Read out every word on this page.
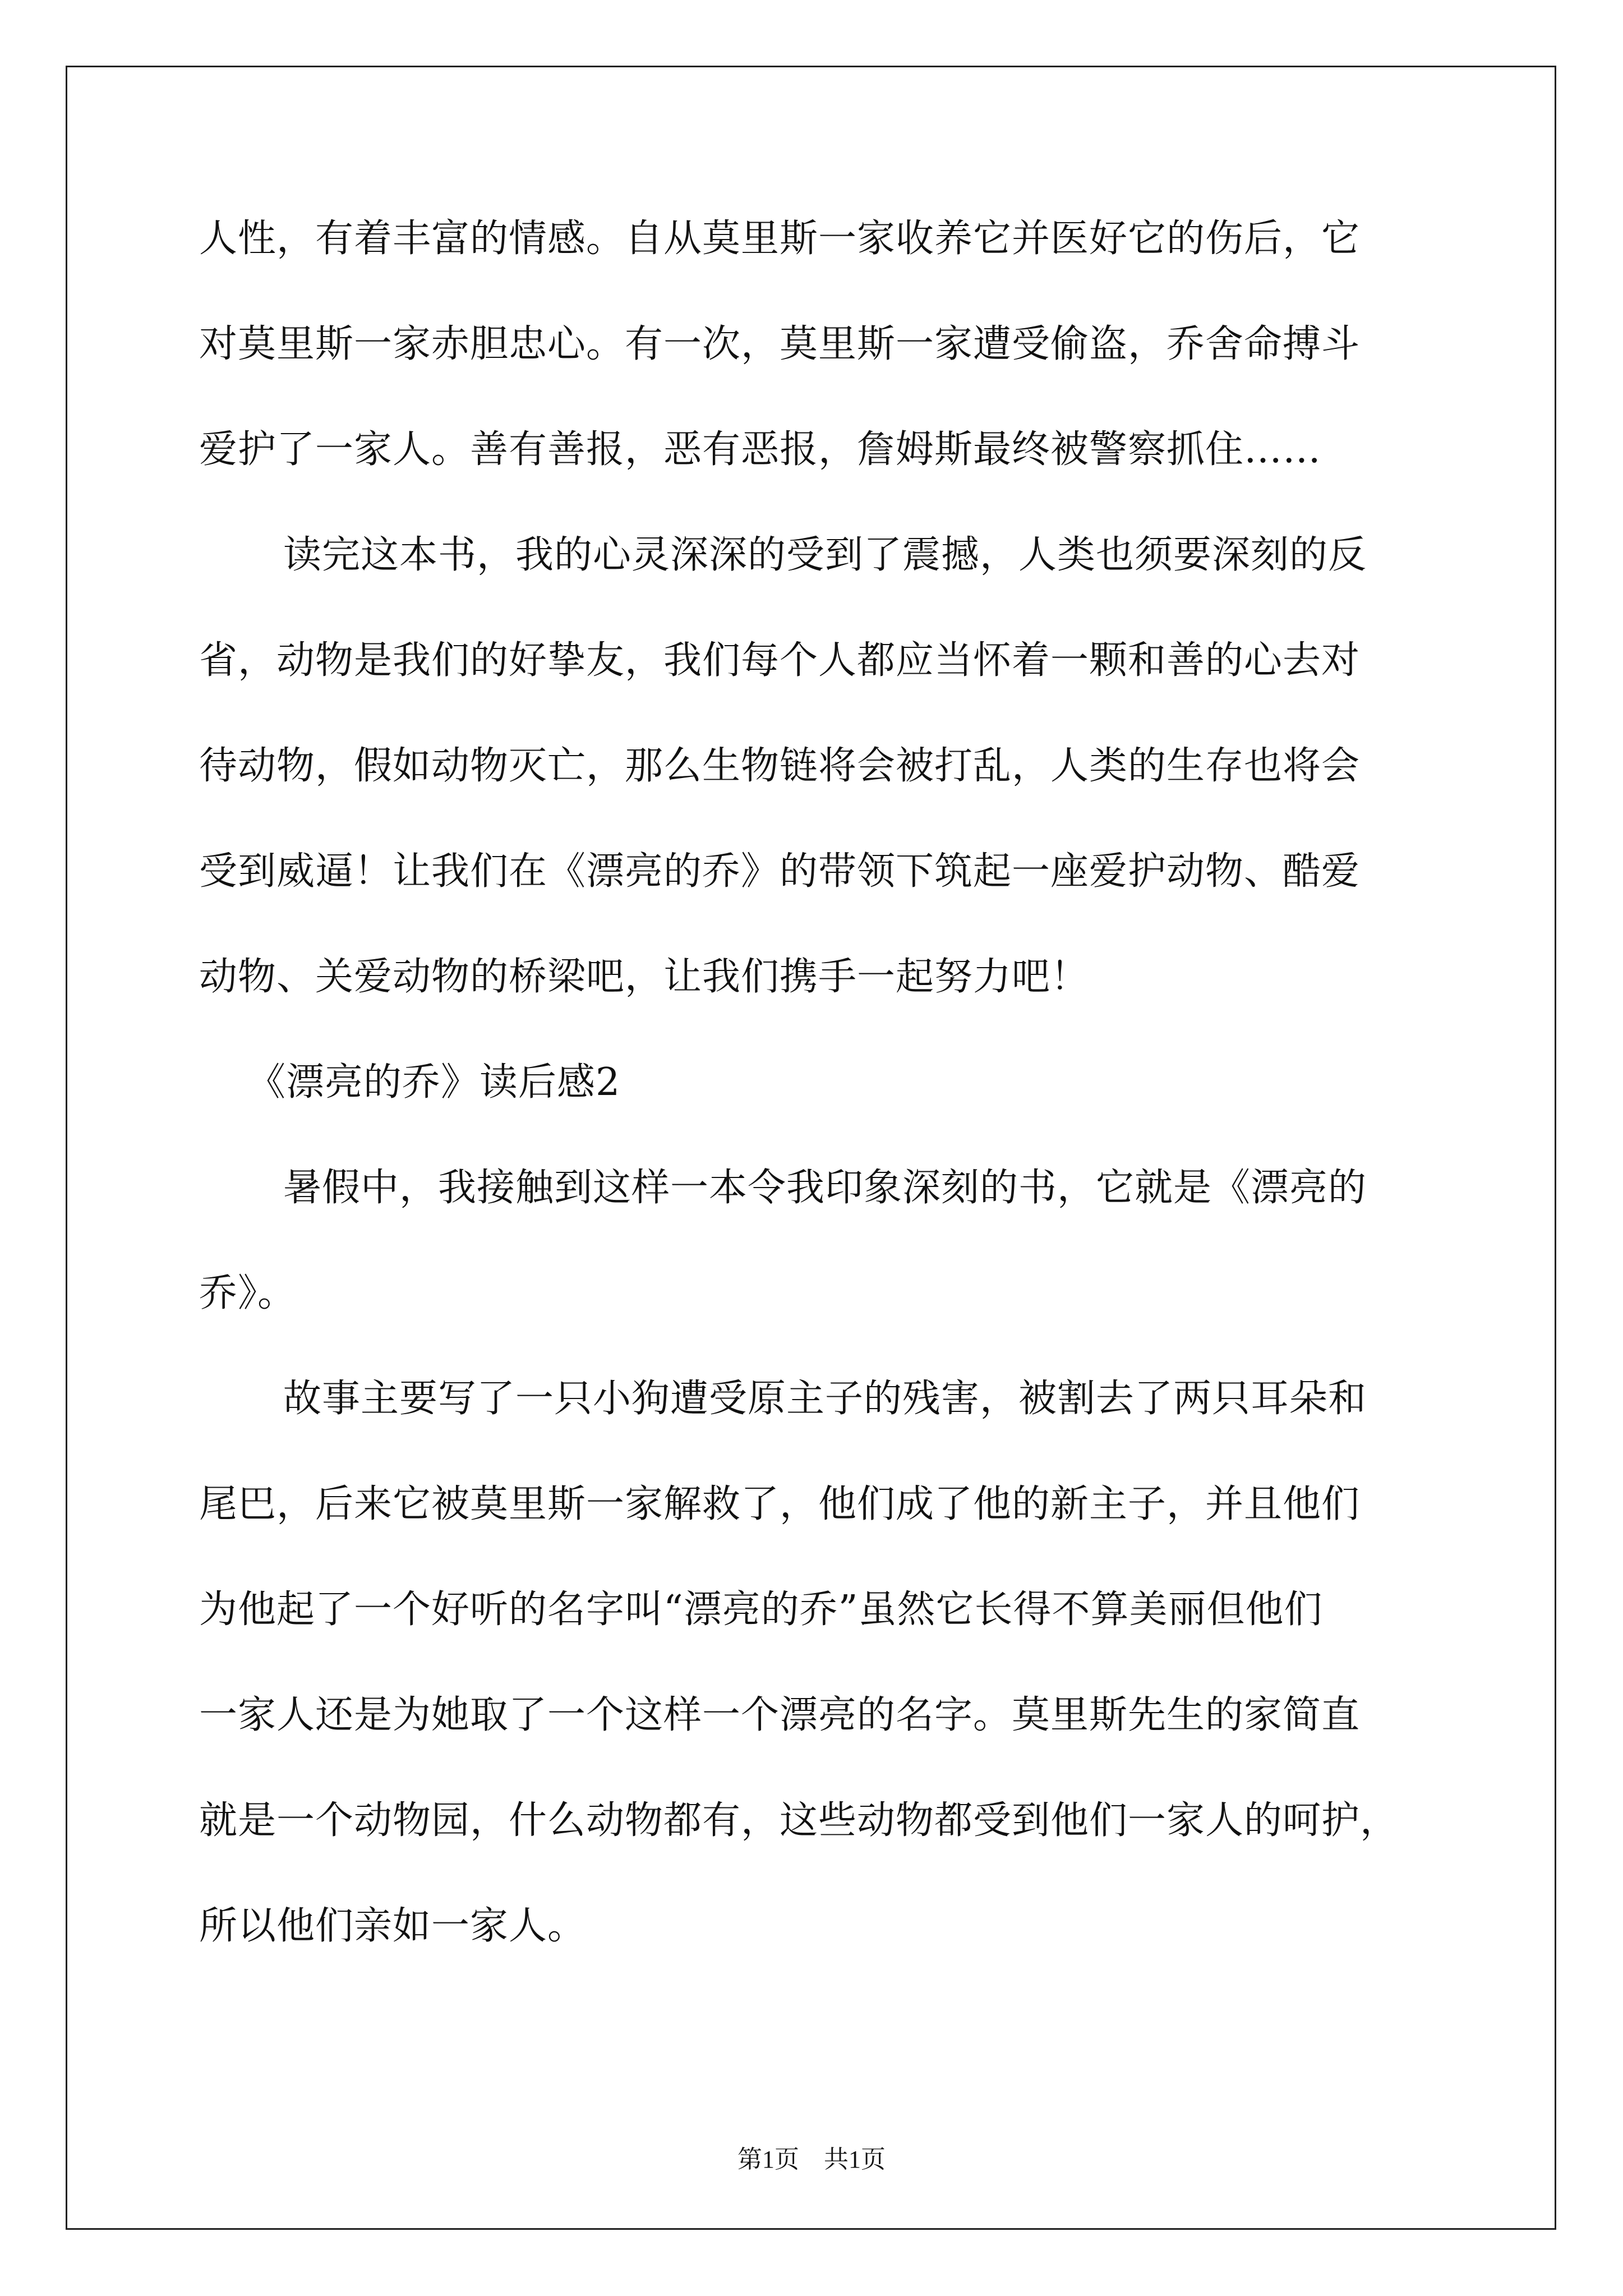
人性，有着丰富的情感。自从莫里斯一家收养它并医好它的伤后，它
对莫里斯一家赤胆忠心。有一次，莫里斯一家遭受偷盗，乔舍命搏斗
爱护了一家人。善有善报，恶有恶报，詹姆斯最终被警察抓住……
读完这本书，我的心灵深深的受到了震撼，人类也须要深刻的反
省，动物是我们的好挚友，我们每个人都应当怀着一颗和善的心去对
待动物，假如动物灭亡，那么生物链将会被打乱，人类的生存也将会
受到威逼！让我们在《漂亮的乔》的带领下筑起一座爱护动物、酷爱
动物、关爱动物的桥梁吧，让我们携手一起努力吧！
《漂亮的乔》读后感2
暑假中，我接触到这样一本令我印象深刻的书，它就是《漂亮的
乔》。
故事主要写了一只小狗遭受原主子的残害，被割去了两只耳朵和
尾巴，后来它被莫里斯一家解救了，他们成了他的新主子，并且他们
为他起了一个好听的名字叫“漂亮的乔”虽然它长得不算美丽但他们
一家人还是为她取了一个这样一个漂亮的名字。莫里斯先生的家简直
就是一个动物园，什么动物都有，这些动物都受到他们一家人的呵护，
所以他们亲如一家人。
第1页　共1页
